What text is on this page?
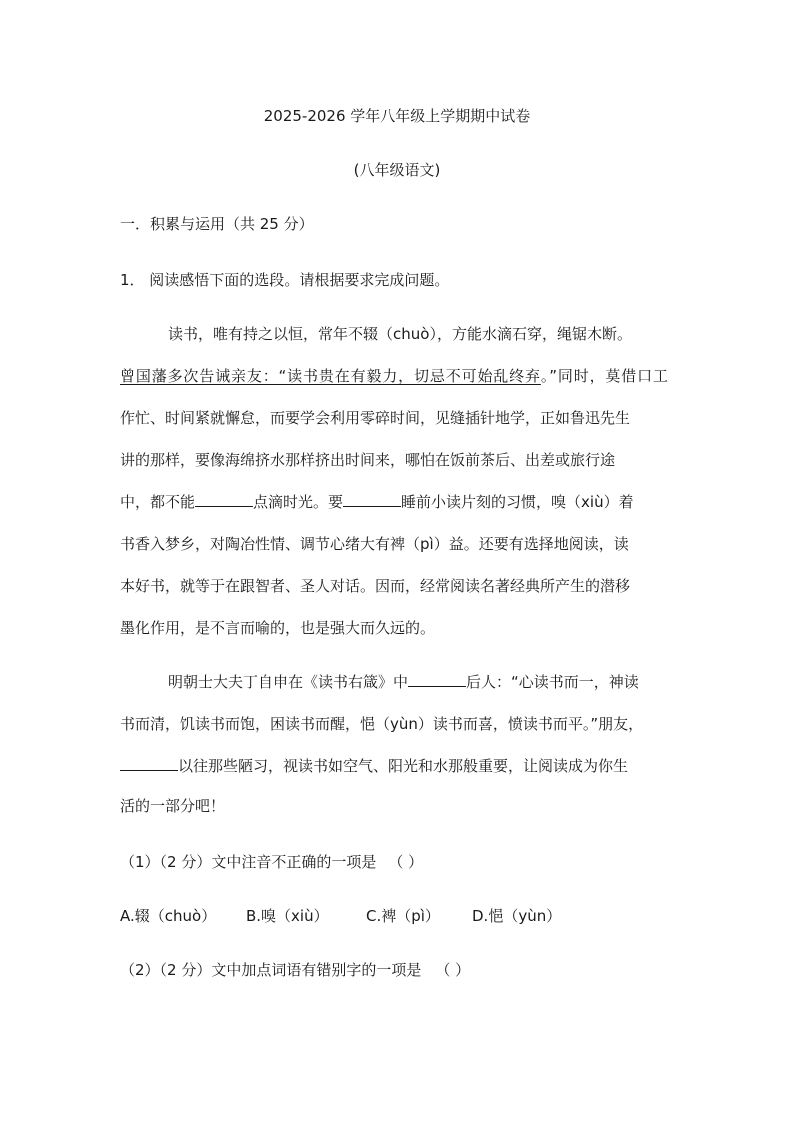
2025-2026 学年八年级上学期期中试卷
(八年级语文)
一．积累与运用（共 25 分）
1． 阅读感悟下面的选段。请根据要求完成问题。
读书，唯有持之以恒，常年不辍（chuò），方能水滴石穿，绳锯木断。
曾国藩多次告诫亲友：“读书贵在有毅力，切忌不可始乱终弃。”同时，莫借口工
作忙、时间紧就懈怠，而要学会利用零碎时间，见缝插针地学，正如鲁迅先生
讲的那样，要像海绵挤水那样挤出时间来，哪怕在饭前茶后、出差或旅行途
中，都不能	点滴时光。要	睡前小读片刻的习惯，嗅（xiù）着
书香入梦乡，对陶冶性情、调节心绪大有裨（pì）益。还要有选择地阅读，读
本好书，就等于在跟智者、圣人对话。因而，经常阅读名著经典所产生的潜移
墨化作用，是不言而喻的，也是强大而久远的。
明朝士大夫丁自申在《读书右箴》中	后人：“心读书而一，神读
书而清，饥读书而饱，困读书而醒，悒（yùn）读书而喜，愤读书而平。”朋友，
以往那些陋习，视读书如空气、阳光和水那般重要，让阅读成为你生
活的一部分吧！
（1）（2 分）文中注音不正确的一项是 （ ）
A.辍（chuò） B.嗅（xiù） C.裨（pì） D.悒（yùn）
（2）（2 分）文中加点词语有错别字的一项是 （ ）
